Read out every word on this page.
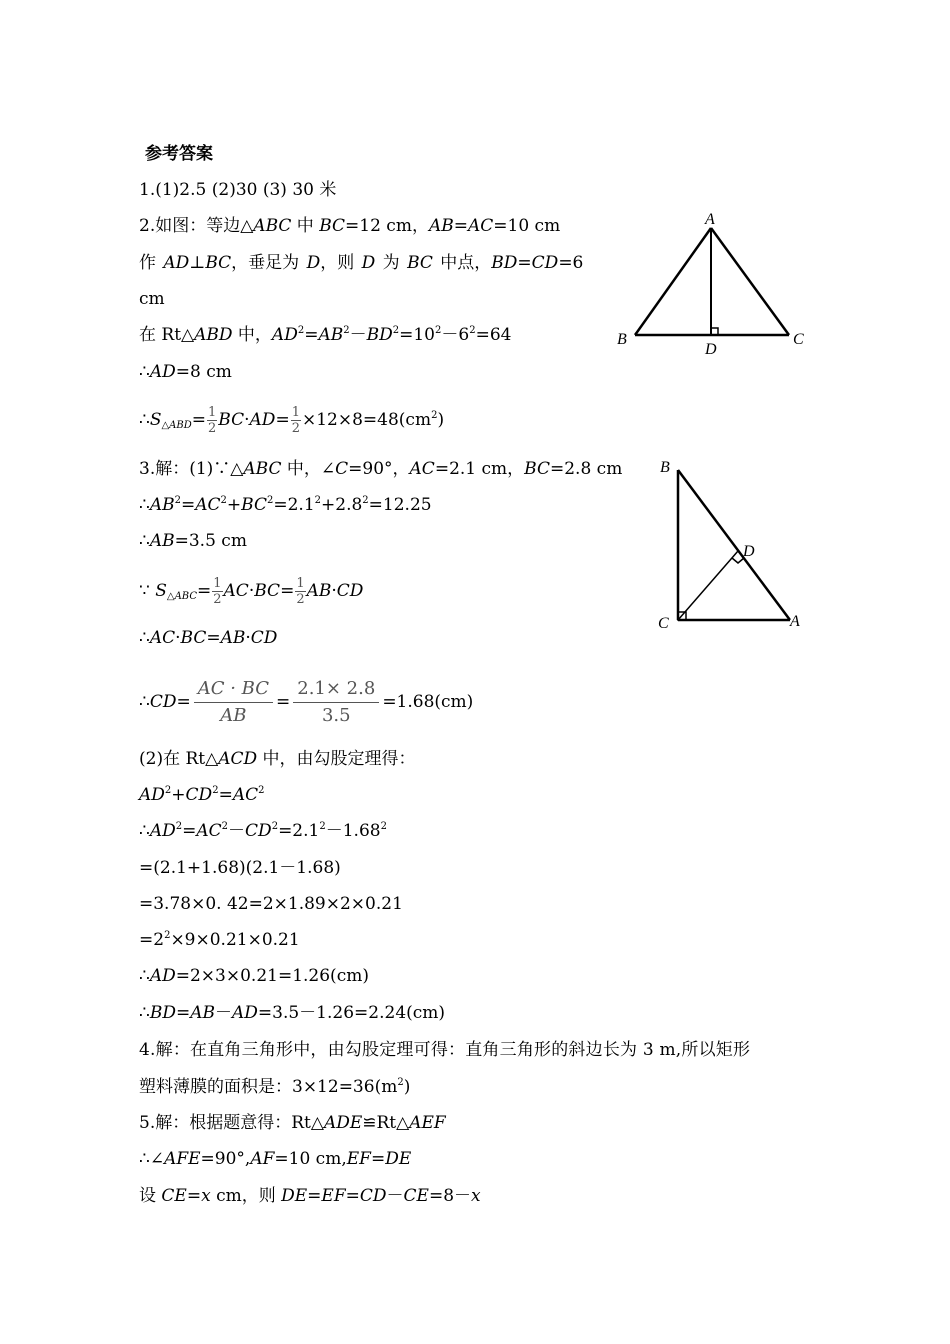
参考答案
1.(1)2.5 (2)30 (3) 30 米
2.如图：等边△ABC 中 BC=12 cm，AB=AC=10 cm
作 AD⊥BC，垂足为 D，则 D 为 BC 中点，BD=CD=6
cm
在 Rt△ABD 中，$AD^2=AB^2-BD^2=10^2-6^2=64$
∴AD=8 cm
$\therefore S_{\triangle ABD}= \frac{1}{2} BC\cdot AD= \frac{1}{2} \times 12\times 8=48(cm^2)$
A
B
D
C
3.解：(1)∵△ABC 中，∠C=90°，AC=2.1 cm，BC=2.8 cm
$\therefore AB^2=AC^2+BC^2=2.1^2+2.8^2=12.25$
∴AB=3.5 cm
∵ $S_{\triangle ABC}= \frac{1}{2} AC\cdot BC= \frac{1}{2} AB\cdot CD$
∴AC·BC=AB·CD
∴CD= $\frac{AC \cdot BC}{AB} = \frac{2.1\times 2.8}{3.5} =1.68(cm)$
B
D
C	A
(2)在 Rt△ACD 中，由勾股定理得：
$AD^2+CD^2=AC^2$
$\therefore AD^2=AC^2-CD^2=2.1^2-1.68^2$
=(2.1+1.68)(2.1－1.68)
=3.78×0. 42=2×1.89×2×0.21
$=2^2\times 9\times 0.21\times 0.21$
∴AD=2×3×0.21=1.26(cm)
∴BD=AB－AD=3.5－1.26=2.24(cm)
4.解：在直角三角形中，由勾股定理可得：直角三角形的斜边长为 3 m,所以矩形
塑料薄膜的面积是：$3\times 12=36(m^2)$
5.解：根据题意得：Rt△ADE≌Rt△AEF
∴∠AFE=90°,AF=10 cm,EF=DE
设 CE=x cm，则 DE=EF=CD－CE=8－x
